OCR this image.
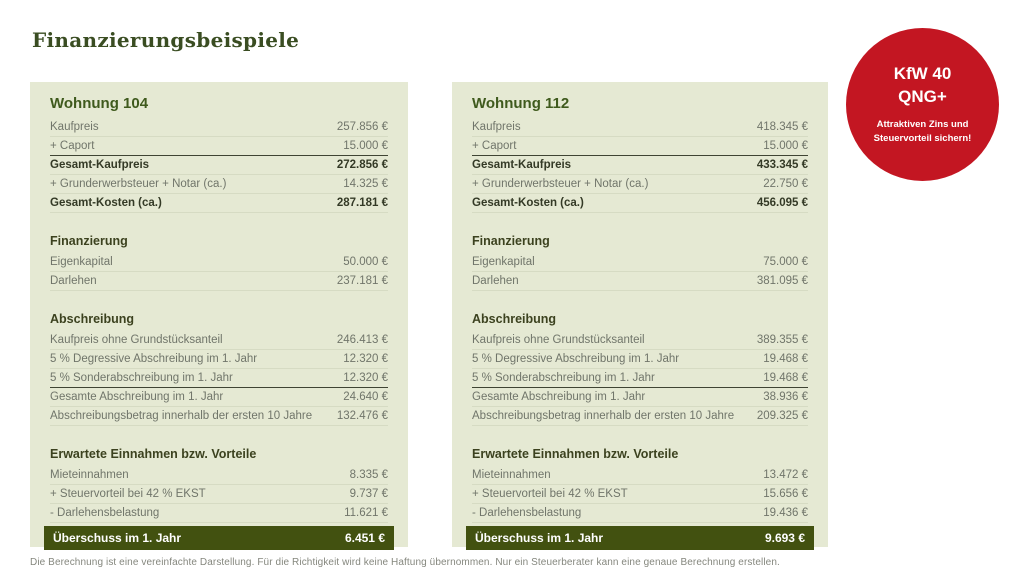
Finanzierungsbeispiele
KfW 40
QNG+
Attraktiven Zins und Steuervorteil sichern!
Wohnung 104
Kaufpreis	257.856 €
+ Caport	15.000 €
Gesamt-Kaufpreis	272.856 €
+ Grunderwerbsteuer + Notar (ca.)	14.325 €
Gesamt-Kosten (ca.)	287.181 €
Finanzierung
Eigenkapital	50.000 €
Darlehen	237.181 €
Abschreibung
Kaufpreis ohne Grundstücksanteil	246.413 €
5 % Degressive Abschreibung im 1. Jahr	12.320 €
5 % Sonderabschreibung im 1. Jahr	12.320 €
Gesamte Abschreibung im 1. Jahr	24.640 €
Abschreibungsbetrag innerhalb der ersten 10 Jahre 132.476 €
Erwartete Einnahmen bzw. Vorteile
Mieteinnahmen	8.335 €
+ Steuervorteil bei 42 % EKST	9.737 €
- Darlehensbelastung	11.621 €
Überschuss im 1. Jahr	6.451 €
Wohnung 112
Kaufpreis	418.345 €
+ Caport	15.000 €
Gesamt-Kaufpreis	433.345 €
+ Grunderwerbsteuer + Notar (ca.)	22.750 €
Gesamt-Kosten (ca.)	456.095 €
Finanzierung
Eigenkapital	75.000 €
Darlehen	381.095 €
Abschreibung
Kaufpreis ohne Grundstücksanteil	389.355 €
5 % Degressive Abschreibung im 1. Jahr	19.468 €
5 % Sonderabschreibung im 1. Jahr	19.468 €
Gesamte Abschreibung im 1. Jahr	38.936 €
Abschreibungsbetrag innerhalb der ersten 10 Jahre 209.325 €
Erwartete Einnahmen bzw. Vorteile
Mieteinnahmen	13.472 €
+ Steuervorteil bei 42 % EKST	15.656 €
- Darlehensbelastung	19.436 €
Überschuss im 1. Jahr	9.693 €

Die Berechnung ist eine vereinfachte Darstellung. Für die Richtigkeit wird keine Haftung übernommen. Nur ein Steuerberater kann eine genaue Berechnung erstellen.
